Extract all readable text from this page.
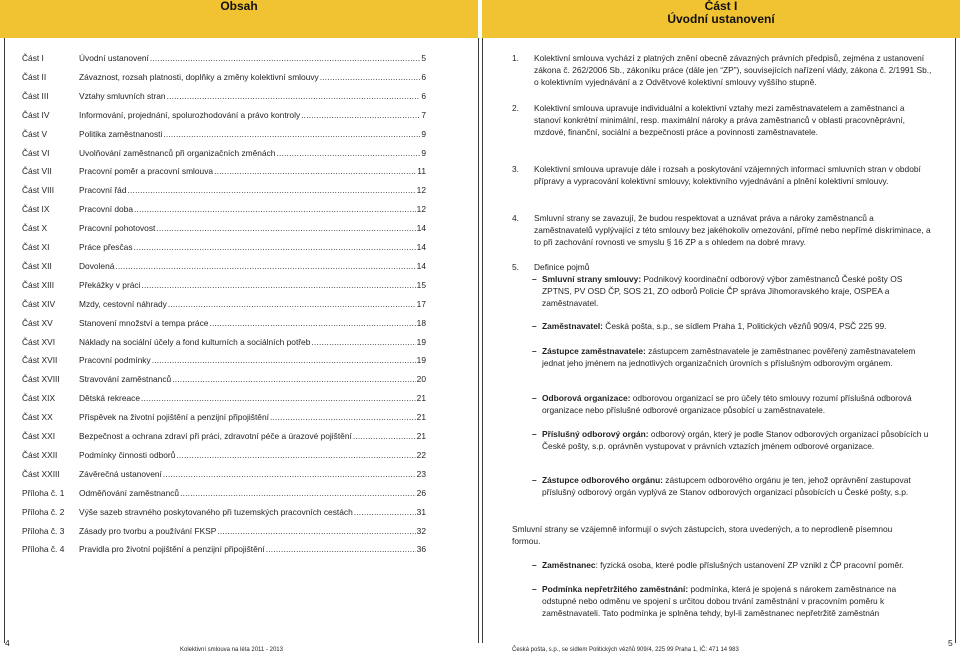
Obsah	Část I
Úvodní ustanovení
Část I	Úvodní ustanovení .....	5
Část II	Závaznost, rozsah platnosti, doplňky a změny kolektivní smlouvy .....	6
Část III	Vztahy smluvních stran .....	6
Část IV	Informování, projednání, spolurozhodování a právo kontroly .....	7
Část V	Politika zaměstnanosti .....	9
Část VI	Uvolňování zaměstnanců při organizačních změnách .....	9
Část VII	Pracovní poměr a pracovní smlouva .....	11
Část VIII	Pracovní řád .....	12
Část IX	Pracovní doba .....	12
Část X	Pracovní pohotovost .....	14
Část XI	Práce přesčas .....	14
Část XII	Dovolená .....	14
Část XIII	Překážky v práci .....	15
Část XIV	Mzdy, cestovní náhrady .....	17
Část XV	Stanovení množství a tempa práce .....	18
Část XVI	Náklady na sociální účely a fond kulturních a sociálních potřeb .....	19
Část XVII	Pracovní podmínky .....	19
Část XVIII Stravování zaměstnanců .....	20
Část XIX	Dětská rekreace .....	21
Část XX	Příspěvek na životní pojištění a penzijní připojištění .....	21
Část XXI	Bezpečnost a ochrana zdraví při práci, zdravotní péče a úrazové pojištění .....	21
Část XXII	Podmínky činnosti odborů .....	22
Část XXIII Závěrečná ustanovení .....	23
Příloha č. 1 Odměňování zaměstnanců .....	26
Příloha č. 2 Výše sazeb stravného poskytovaného při tuzemských pracovních cestách .....	31
Příloha č. 3 Zásady pro tvorbu a používání FKSP .....	32
Příloha č. 4 Pravidla pro životní pojištění a penzijní připojištění .....	36
1. Kolektivní smlouva vychází z platných znění obecně závazných právních předpisů, zejména z ustanovení zákona č. 262/2006 Sb., zákoníku práce (dále jen “ZP”), souvisejících nařízení vlády, zákona č. 2/1991 Sb., o kolektivním vyjednávání a z Odvětvové kolektivní smlouvy vyššího stupně.
2. Kolektivní smlouva upravuje individuální a kolektivní vztahy mezi zaměstnavatelem a zaměstnanci a stanoví konkrétní minimální, resp. maximální nároky a práva zaměstnanců v oblasti pracovněprávní, mzdové, finanční, sociální a bezpečnosti práce a povinnosti zaměstnavatele.
3. Kolektivní smlouva upravuje dále i rozsah a poskytování vzájemných informací smluvních stran v období přípravy a vypracování kolektivní smlouvy, kolektivního vyjednávání a plnění kolektivní smlouvy.
4. Smluvní strany se zavazují, že budou respektovat a uznávat práva a nároky zaměstnanců a zaměstnavatelů vyplývající z této smlouvy bez jakéhokoliv omezování, přímé nebo nepřímé diskriminace, a to při zachování rovnosti ve smyslu § 16 ZP a s ohledem na dobré mravy.
5. Definice pojmů
– Smluvní strany smlouvy: Podnikový koordinační odborový výbor zaměstnanců České pošty OS ZPTNS, PV OSD ČP, SOS 21, ZO odborů Policie ČP správa Jihomoravského kraje, OSPEA a zaměstnavatel.
– Zaměstnavatel: Česká pošta, s.p., se sídlem Praha 1, Politických vězňů 909/4, PSČ 225 99.
– Zástupce zaměstnavatele: zástupcem zaměstnavatele je zaměstnanec pověřený zaměstnavatelem jednat jeho jménem na jednotlivých organizačních úrovních s příslušným odborovým orgánem.
– Odborová organizace: odborovou organizací se pro účely této smlouvy rozumí příslušná odborová organizace nebo příslušné odborové organizace působící u zaměstnavatele.
– Příslušný odborový orgán: odborový orgán, který je podle Stanov odborových organizací působících u České pošty, s.p. oprávněn vystupovat v právních vztazích jménem odborové organizace.
– Zástupce odborového orgánu: zástupcem odborového orgánu je ten, jehož oprávnění zastupovat příslušný odborový orgán vyplývá ze Stanov odborových organizací působících u České pošty, s.p.
Smluvní strany se vzájemně informují o svých zástupcích, stora uvedených, a to neprodleně písemnou formou.
– Zaměstnanec: fyzická osoba, které podle příslušných ustanovení ZP vznikl z ČP pracovní poměr.
– Podmínka nepřetržitého zaměstnání: podmínka, která je spojená s nárokem zaměstnance na odstupné nebo odměnu ve spojení s určitou dobou trvání zaměstnání v pracovním poměru k zaměstnavateli. Tato podmínka je splněna tehdy, byl-li zaměstnanec nepřetržitě zaměstnán
4
Kolektivní smlouva na léta 2011 - 2013	Česká pošta, s.p., se sídlem Politických vězňů 909/4, 225 99 Praha 1, IČ: 471 14 983
5
